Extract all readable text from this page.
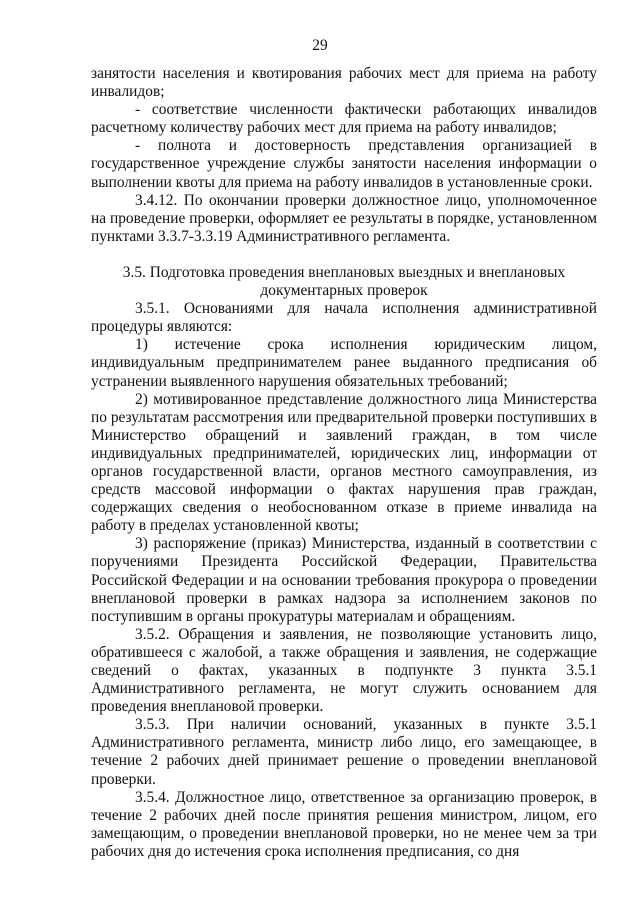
29

занятости населения и квотирования рабочих мест для приема на работу инвалидов;

- соответствие численности фактически работающих инвалидов расчетному количеству рабочих мест для приема на работу инвалидов;

- полнота и достоверность представления организацией в государственное учреждение службы занятости населения информации о выполнении квоты для приема на работу инвалидов в установленные сроки.

3.4.12. По окончании проверки должностное лицо, уполномоченное на проведение проверки, оформляет ее результаты в порядке, установленном пунктами 3.3.7-3.3.19 Административного регламента.

3.5. Подготовка проведения внеплановых выездных и внеплановых документарных проверок

3.5.1. Основаниями для начала исполнения административной процедуры являются:

1) истечение срока исполнения юридическим лицом, индивидуальным предпринимателем ранее выданного предписания об устранении выявленного нарушения обязательных требований;

2) мотивированное представление должностного лица Министерства по результатам рассмотрения или предварительной проверки поступивших в Министерство обращений и заявлений граждан, в том числе индивидуальных предпринимателей, юридических лиц, информации от органов государственной власти, органов местного самоуправления, из средств массовой информации о фактах нарушения прав граждан, содержащих сведения о необоснованном отказе в приеме инвалида на работу в пределах установленной квоты;

3) распоряжение (приказ) Министерства, изданный в соответствии с поручениями Президента Российской Федерации, Правительства Российской Федерации и на основании требования прокурора о проведении внеплановой проверки в рамках надзора за исполнением законов по поступившим в органы прокуратуры материалам и обращениям.

3.5.2. Обращения и заявления, не позволяющие установить лицо, обратившееся с жалобой, а также обращения и заявления, не содержащие сведений о фактах, указанных в подпункте 3 пункта 3.5.1 Административного регламента, не могут служить основанием для проведения внеплановой проверки.

3.5.3. При наличии оснований, указанных в пункте 3.5.1 Административного регламента, министр либо лицо, его замещающее, в течение 2 рабочих дней принимает решение о проведении внеплановой проверки.

3.5.4. Должностное лицо, ответственное за организацию проверок, в течение 2 рабочих дней после принятия решения министром, лицом, его замещающим, о проведении внеплановой проверки, но не менее чем за три рабочих дня до истечения срока исполнения предписания, со дня
